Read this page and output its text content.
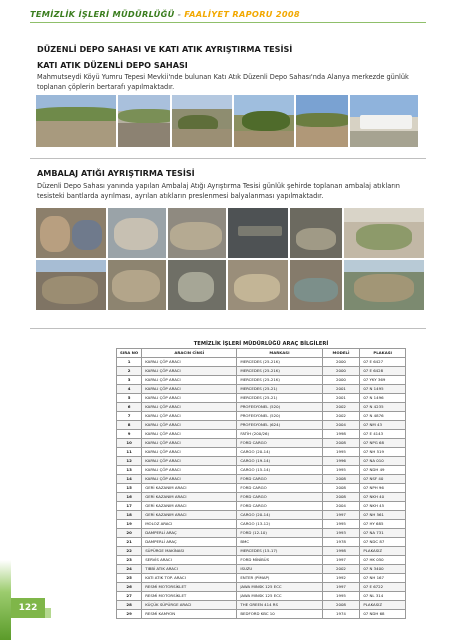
TEMİZLİK İŞLERİ MÜDÜRLÜĞÜ - FAALİYET RAPORU 2008
DÜZENLİ DEPO SAHASI VE KATI ATIK AYRIŞTIRMA TESİSİ
KATI ATIK DÜZENLİ DEPO SAHASI
Mahmutseydi Köyü Yumru Tepesi Mevkii'nde bulunan Katı Atık Düzenli Depo Sahası'nda Alanya merkezde günlük toplanan çöplerin bertarafı yapılmaktadır.
AMBALAJ ATIĞI AYRIŞTIRMA TESİSİ
Düzenli Depo Sahası yanında yapılan Ambalaj Atığı Ayrıştırma Tesisi günlük şehirde toplanan ambalaj atıkların tesisteki bantlarda ayrılması, ayrılan atıkların preslenmesi balyalanması yapılmaktadır.
TEMİZLİK İŞLERİ MÜDÜRLÜĞÜ ARAÇ BİLGİLERİ
SIRA NO	ARACIN CİNSİ	MARKASI	MODELİ	PLAKASI
1	KAPALI ÇÖP ARACI	MERCEDES (25-21K)	2000	07 E 6427
2	KAPALI ÇÖP ARACI	MERCEDES (25-21K)	2000	07 E 6428
3	KAPALI ÇÖP ARACI	MERCEDES (25-21K)	2000	07 YKY 369
4	KAPALI ÇÖP ARACI	MERCEDES (25-21)	2001	07 N 1495
5	KAPALI ÇÖP ARACI	MERCEDES (25-21)	2001	07 N 1496
6	KAPALI ÇÖP ARACI	PROFESYONEL (520)	2002	07 N 4235
7	KAPALI ÇÖP ARACI	PROFESYONEL (520)	2002	07 N 4876
8	KAPALI ÇÖP ARACI	PROFESYONEL (624)	2004	07 NM 43
9	KAPALI ÇÖP ARACI	FATİH (200/26)	1998	07 E 4143
10	KAPALI ÇÖP ARACI	FORD CARGO	2008	07 NPG 68
11	KAPALI ÇÖP ARACI	CARGO (20-14)	1995	07 NH 519
12	KAPALI ÇÖP ARACI	CARGO (19-14)	1996	07 NA 010
13	KAPALI ÇÖP ARACI	CARGO (15-14)	1995	07 NDH 49
14	KAPALI ÇÖP ARACI	FORD CARGO	2008	07 NSF 40
15	GERİ KAZANIM ARACI	FORD CARGO	2008	07 NPH 96
16	GERİ KAZANIM ARACI	FORD CARGO	2008	07 NKH 40
17	GERİ KAZANIM ARACI	FORD CARGO	2004	07 NKH 45
18	GERİ KAZANIM ARACI	CARGO (20-14)	1997	07 NH 561
19	MOLOZ ARACI	CARGO (13-12)	1995	07 HY 685
20	DAMPERLİ ARAÇ	FORD (12-10)	1993	07 NA 731
21	DAMPERLİ ARAÇ	BMC	1978	07 NDC 87
22	SÜPÜRGE MAKİNASI	MERCEDES (15-17)	1998	PLAKASIZ
23	SERVİS ARACI	FORD MİNİBÜS	1997	07 HK 050
24	TIBBİ ATIK ARACI	ISUZU	2002	07 N 3400
25	KATI ATIK TOP. ARACI	ENTER (PİMAP)	1992	07 NH 167
26	RESMİ MOTORSİKLET	JAWA MINSK 125 ECC	1997	07 E 6722
27	RESMİ MOTORSİKLET	JAWA MINSK 125 ECC	1995	07 NL 314
28	KÜÇÜK SÜPÜRGE ARACI	THE GREEN 414 RS	2008	PLAKASIZ
29	RESMİ KAMYON	BEDFORD KBC 10	1974	07 NDH 68
122
